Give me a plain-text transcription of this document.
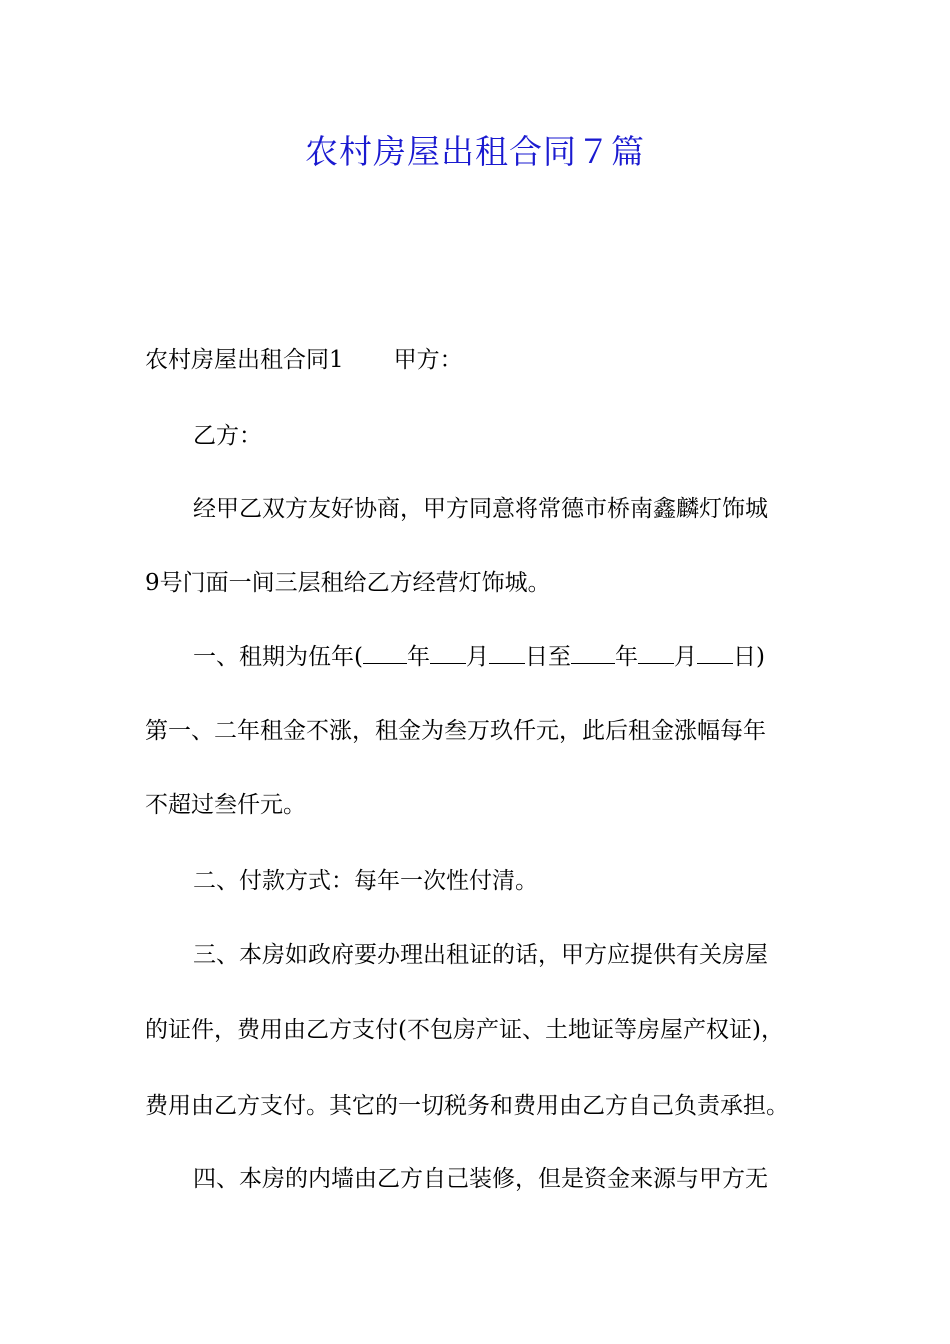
农村房屋出租合同７篇

农村房屋出租合同1 甲方：

乙方：

经甲乙双方友好协商，甲方同意将常德市桥南鑫麟灯饰城

9号门面一间三层租给乙方经营灯饰城。

一、租期为伍年( 年 月 日至 年 月 日)

第一、二年租金不涨，租金为叁万玖仟元，此后租金涨幅每年

不超过叁仟元。

二、付款方式：每年一次性付清。

三、本房如政府要办理出租证的话，甲方应提供有关房屋

的证件，费用由乙方支付(不包房产证、土地证等房屋产权证)，

费用由乙方支付。其它的一切税务和费用由乙方自己负责承担。

四、本房的内墙由乙方自己装修，但是资金来源与甲方无
